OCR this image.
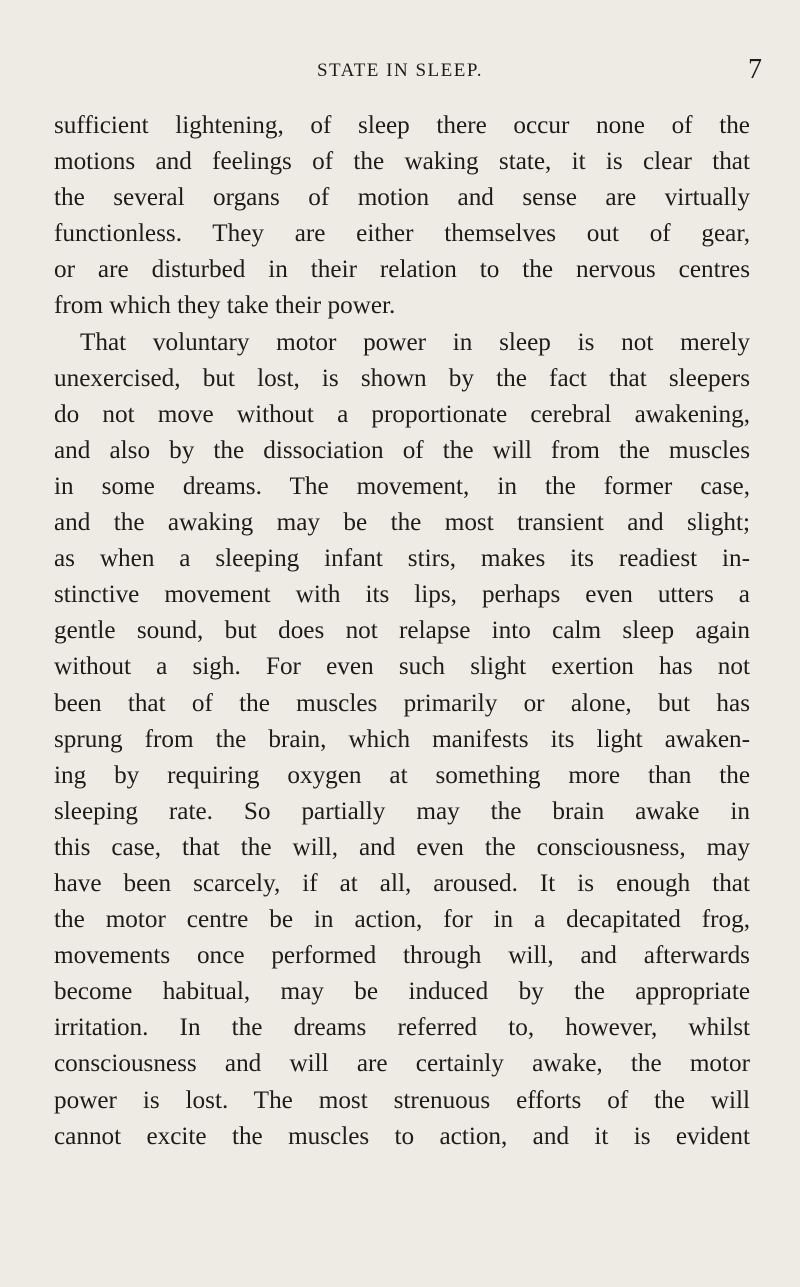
STATE IN SLEEP.	7
sufficient lightening, of sleep there occur none of the
motions and feelings of the waking state, it is clear that
the several organs of motion and sense are virtually
functionless. They are either themselves out of gear,
or are disturbed in their relation to the nervous centres
from which they take their power.
That voluntary motor power in sleep is not merely
unexercised, but lost, is shown by the fact that sleepers
do not move without a proportionate cerebral awakening,
and also by the dissociation of the will from the muscles
in some dreams. The movement, in the former case,
and the awaking may be the most transient and slight;
as when a sleeping infant stirs, makes its readiest in-
stinctive movement with its lips, perhaps even utters a
gentle sound, but does not relapse into calm sleep again
without a sigh. For even such slight exertion has not
been that of the muscles primarily or alone, but has
sprung from the brain, which manifests its light awaken-
ing by requiring oxygen at something more than the
sleeping rate. So partially may the brain awake in
this case, that the will, and even the consciousness, may
have been scarcely, if at all, aroused. It is enough that
the motor centre be in action, for in a decapitated frog,
movements once performed through will, and afterwards
become habitual, may be induced by the appropriate
irritation. In the dreams referred to, however, whilst
consciousness and will are certainly awake, the motor
power is lost. The most strenuous efforts of the will
cannot excite the muscles to action, and it is evident
